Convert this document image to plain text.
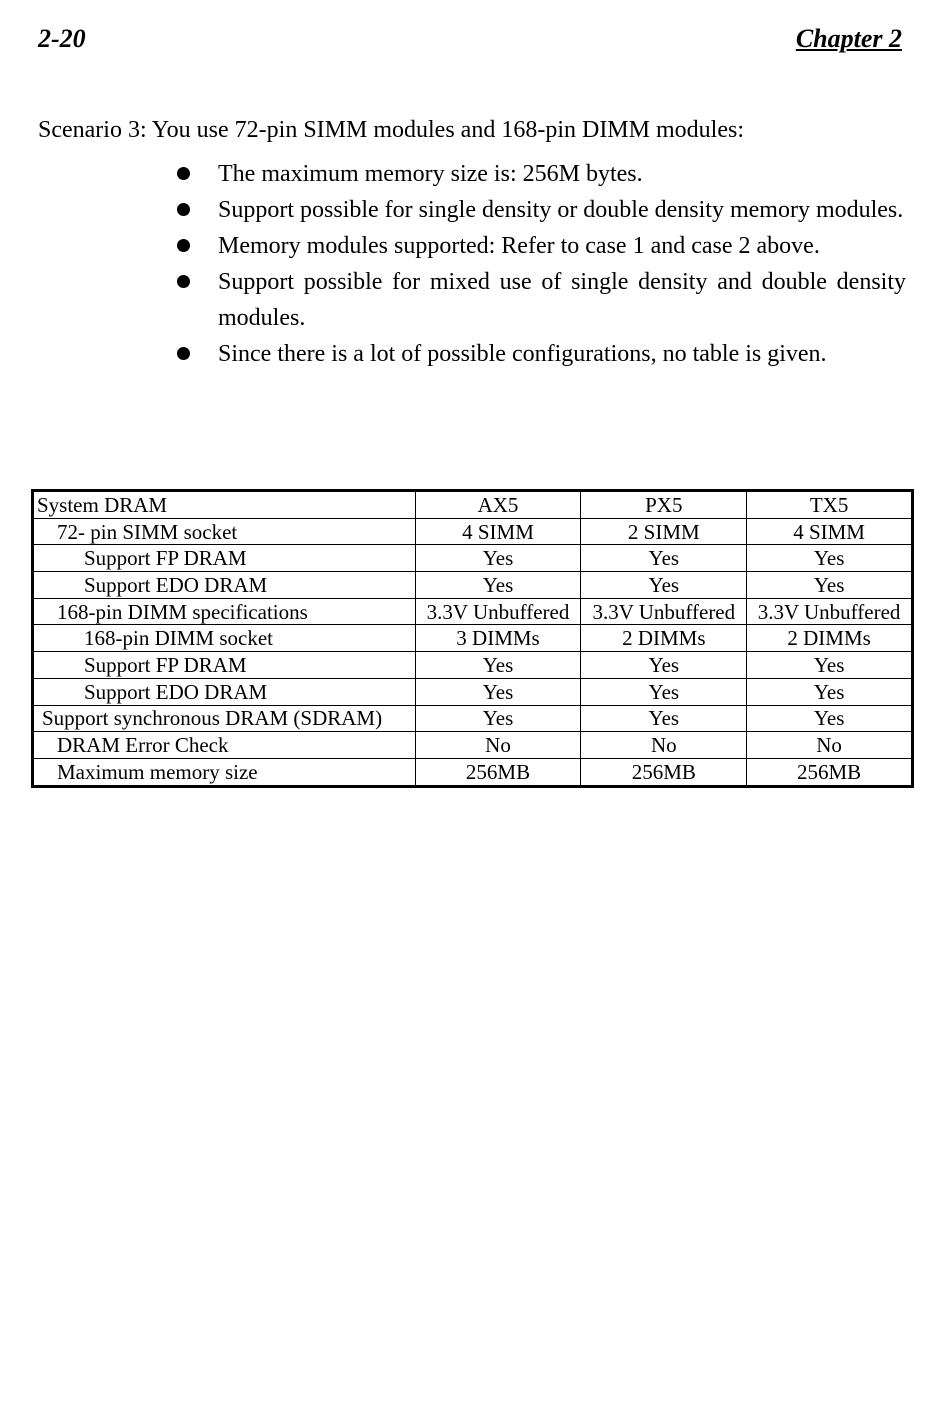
2-20	Chapter 2
Scenario 3: You use 72-pin SIMM modules and 168-pin DIMM modules:
The maximum memory size is: 256M bytes.
Support possible for single density or double density memory modules.
Memory modules supported: Refer to case 1 and case 2 above.
Support possible for mixed use of single density and double density modules.
Since there is a lot of possible configurations, no table is given.
System DRAM	AX5	PX5	TX5
72- pin SIMM socket	4 SIMM	2 SIMM	4 SIMM
Support FP DRAM	Yes	Yes	Yes
Support EDO DRAM	Yes	Yes	Yes
168-pin DIMM specifications	3.3V Unbuffered	3.3V Unbuffered	3.3V Unbuffered
168-pin DIMM socket	3 DIMMs	2 DIMMs	2 DIMMs
Support FP DRAM	Yes	Yes	Yes
Support EDO DRAM	Yes	Yes	Yes
Support synchronous DRAM (SDRAM)	Yes	Yes	Yes
DRAM Error Check	No	No	No
Maximum memory size	256MB	256MB	256MB
